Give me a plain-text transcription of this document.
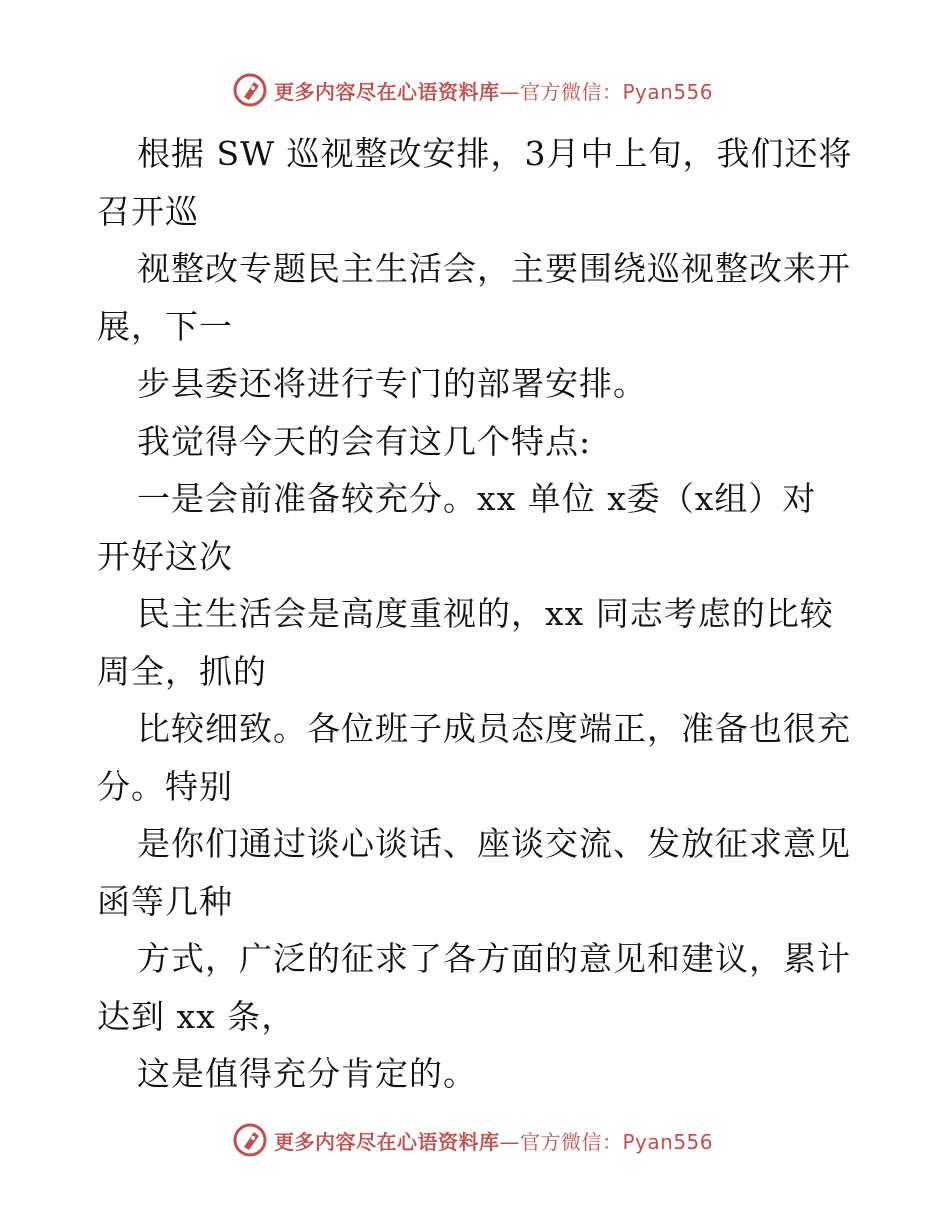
更多内容尽在心语资料库—官方微信：Pyan556
根据 SW 巡视整改安排，3月中上旬，我们还将
召开巡
视整改专题民主生活会，主要围绕巡视整改来开
展，下一
步县委还将进行专门的部署安排。
我觉得今天的会有这几个特点:
一是会前准备较充分。xx 单位 x委（x组）对
开好这次
民主生活会是高度重视的，xx 同志考虑的比较
周全，抓的
比较细致。各位班子成员态度端正，准备也很充
分。特别
是你们通过谈心谈话、座谈交流、发放征求意见
函等几种
方式，广泛的征求了各方面的意见和建议，累计
达到 xx 条，
这是值得充分肯定的。
更多内容尽在心语资料库—官方微信：Pyan556
